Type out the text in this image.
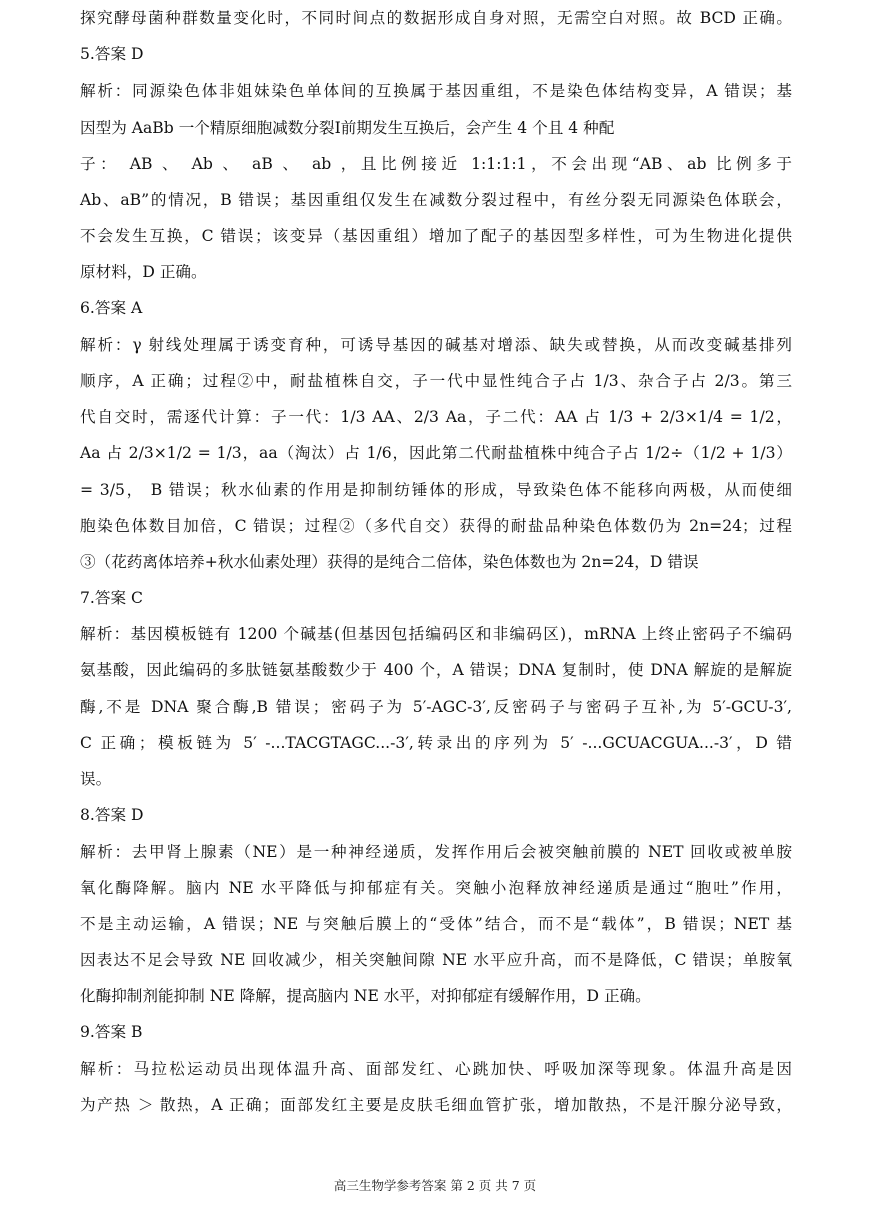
探究酵母菌种群数量变化时，不同时间点的数据形成自身对照，无需空白对照。故 BCD 正确。
5.答案 D
解析：同源染色体非姐妹染色单体间的互换属于基因重组，不是染色体结构变异，A 错误；基
因型为 AaBb 一个精原细胞减数分裂Ⅰ前期发生互换后，会产生 4 个且 4 种配
子： AB 、 Ab 、 aB 、 ab ，且比例接近 1:1:1:1，不会出现“AB、ab 比例多于
Ab、aB”的情况，B 错误；基因重组仅发生在减数分裂过程中，有丝分裂无同源染色体联会，
不会发生互换，C 错误；该变异（基因重组）增加了配子的基因型多样性，可为生物进化提供
原材料，D 正确。
6.答案 A
解析：γ 射线处理属于诱变育种，可诱导基因的碱基对增添、缺失或替换，从而改变碱基排列
顺序，A 正确；过程②中，耐盐植株自交，子一代中显性纯合子占 1/3、杂合子占 2/3。第三
代自交时，需逐代计算：子一代：1/3 AA、2/3 Aa，子二代：AA 占 1/3 + 2/3×1/4 = 1/2，
Aa 占 2/3×1/2 = 1/3，aa（淘汰）占 1/6，因此第二代耐盐植株中纯合子占 1/2÷（1/2 + 1/3）
= 3/5， B 错误；秋水仙素的作用是抑制纺锤体的形成，导致染色体不能移向两极，从而使细
胞染色体数目加倍，C 错误；过程②（多代自交）获得的耐盐品种染色体数仍为 2n=24；过程
③（花药离体培养+秋水仙素处理）获得的是纯合二倍体，染色体数也为 2n=24，D 错误
7.答案 C
解析：基因模板链有 1200 个碱基(但基因包括编码区和非编码区)，mRNA 上终止密码子不编码
氨基酸，因此编码的多肽链氨基酸数少于 400 个，A 错误；DNA 复制时，使 DNA 解旋的是解旋
酶,不是 DNA 聚合酶,B 错误；密码子为 5′-AGC-3′,反密码子与密码子互补,为 5′-GCU-3′,
C 正确；模板链为 5′ -...TACGTAGC...-3′,转录出的序列为 5′ -...GCUACGUA...-3′，D 错
误。
8.答案 D
解析：去甲肾上腺素（NE）是一种神经递质，发挥作用后会被突触前膜的 NET 回收或被单胺
氧化酶降解。脑内 NE 水平降低与抑郁症有关。突触小泡释放神经递质是通过“胞吐”作用，
不是主动运输，A 错误；NE 与突触后膜上的“受体”结合，而不是“载体”，B 错误；NET 基
因表达不足会导致 NE 回收减少，相关突触间隙 NE 水平应升高，而不是降低，C 错误；单胺氧
化酶抑制剂能抑制 NE 降解，提高脑内 NE 水平，对抑郁症有缓解作用，D 正确。
9.答案 B
解析：马拉松运动员出现体温升高、面部发红、心跳加快、呼吸加深等现象。体温升高是因
为产热 ＞ 散热，A 正确；面部发红主要是皮肤毛细血管扩张，增加散热，不是汗腺分泌导致，
高三生物学参考答案 第 2 页 共 7 页
